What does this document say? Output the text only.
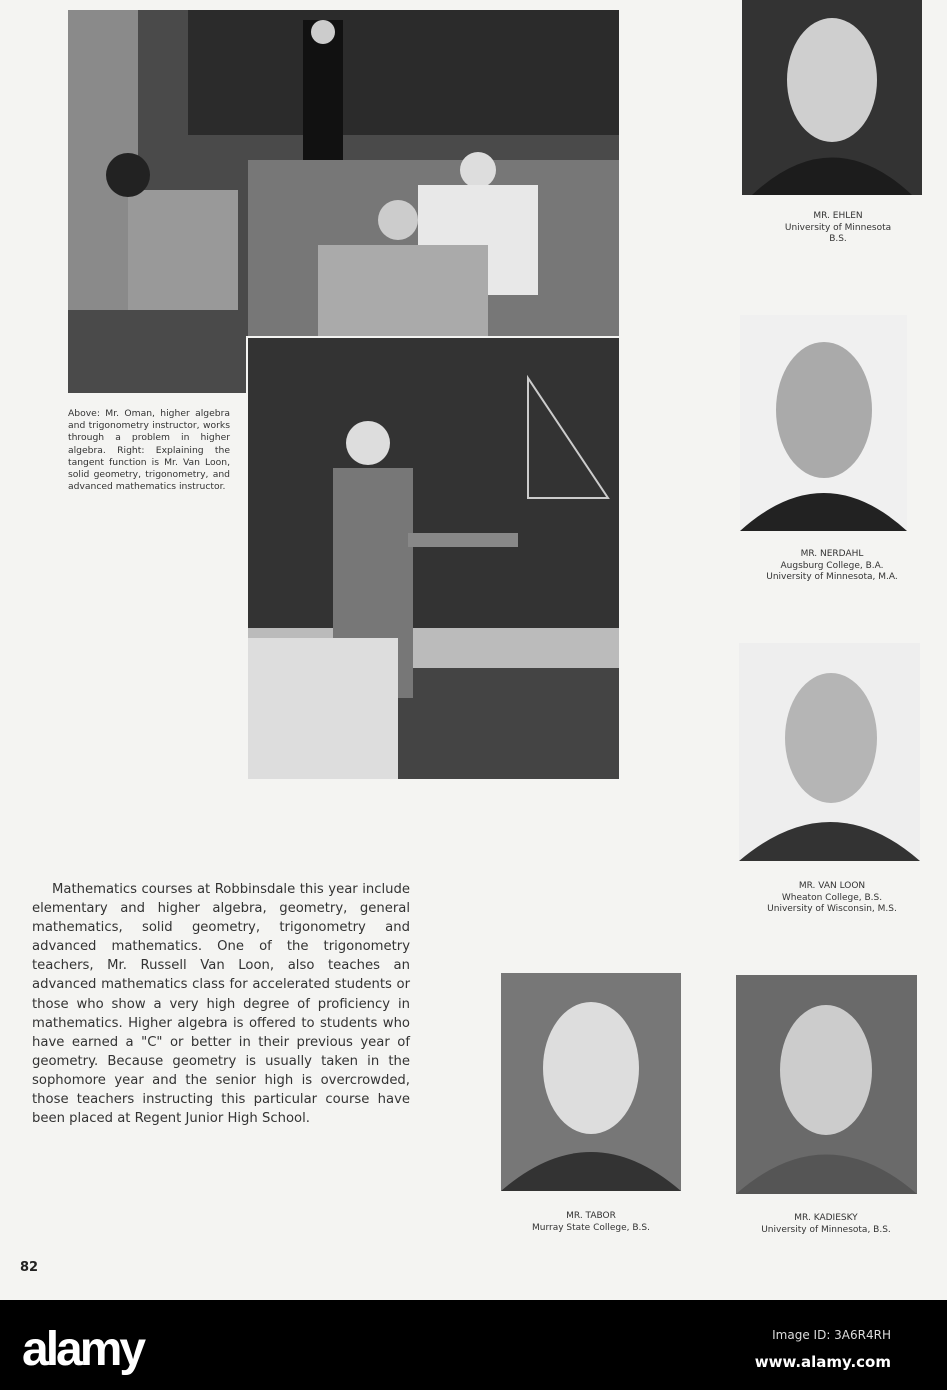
Above: Mr. Oman, higher algebra and trigonometry instructor, works through a problem in higher algebra. Right: Explaining the tangent function is Mr. Van Loon, solid geometry, trigonometry, and advanced mathematics instructor.
Mathematics courses at Robbinsdale this year include elementary and higher algebra, geometry, general mathematics, solid geometry, trigonometry and advanced mathematics. One of the trigonometry teachers, Mr. Russell Van Loon, also teaches an advanced mathematics class for accelerated students or those who show a very high degree of proficiency in mathematics. Higher algebra is offered to students who have earned a "C" or better in their previous year of geometry. Because geometry is usually taken in the sophomore year and the senior high is overcrowded, those teachers instructing this particular course have been placed at Regent Junior High School.
82
MR. EHLEN
University of Minnesota
B.S.
MR. NERDAHL
Augsburg College, B.A.
University of Minnesota, M.A.
MR. VAN LOON
Wheaton College, B.S.
University of Wisconsin, M.S.
MR. TABOR
Murray State College, B.S.
MR. KADIESKY
University of Minnesota, B.S.
alamy	Image ID: 3A6R4RH
www.alamy.com
